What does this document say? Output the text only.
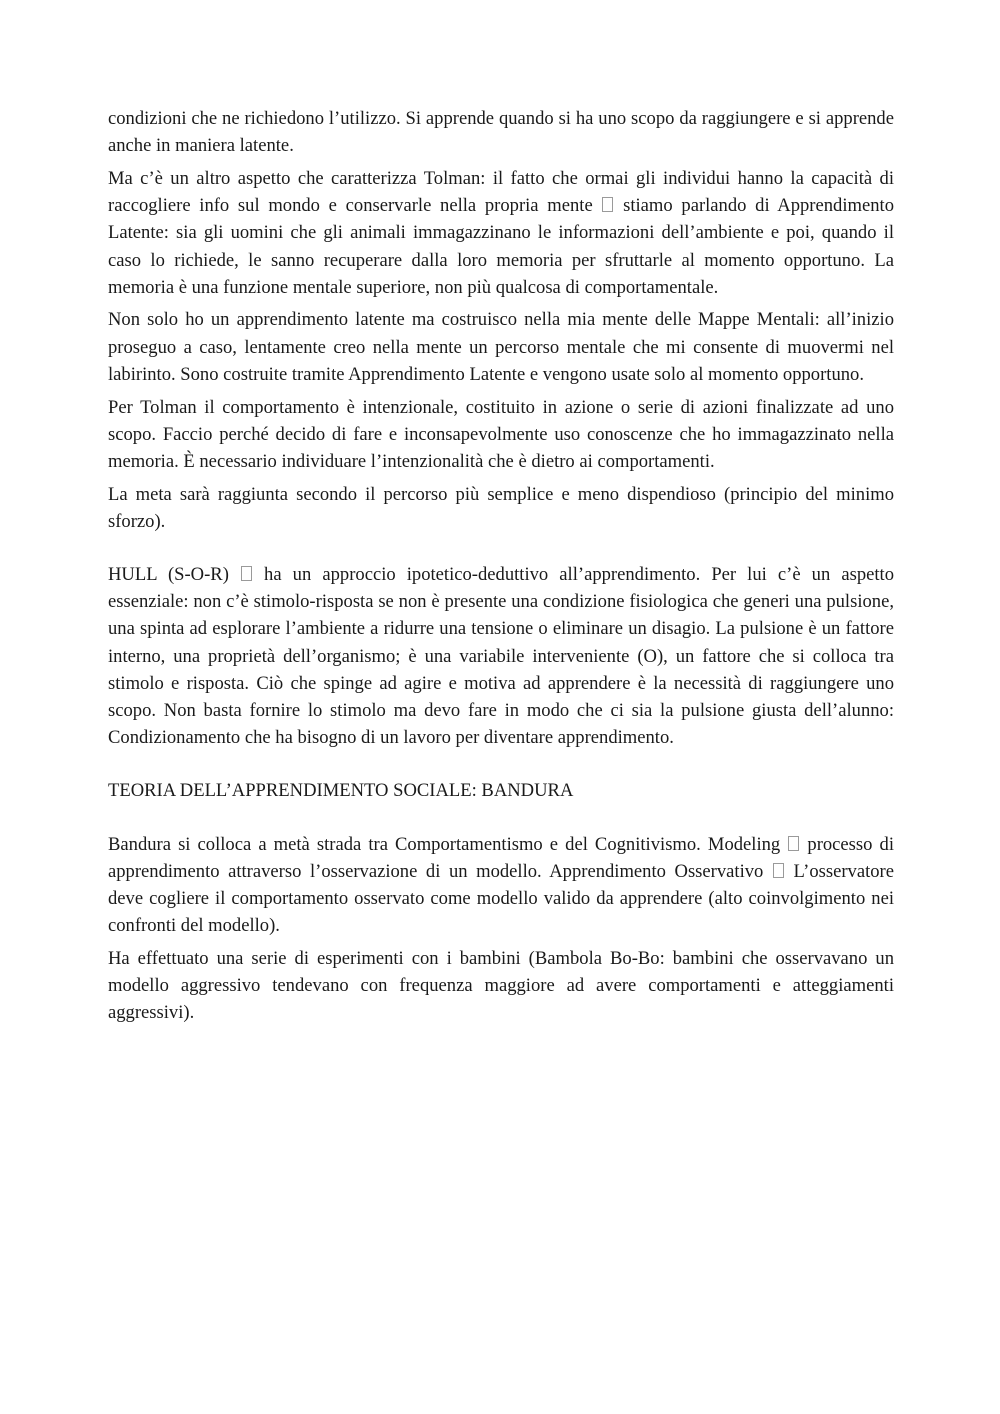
condizioni che ne richiedono l’utilizzo. Si apprende quando si ha uno scopo da raggiungere e si apprende anche in maniera latente.

Ma c’è un altro aspetto che caratterizza Tolman: il fatto che ormai gli individui hanno la capacità di raccogliere info sul mondo e conservarle nella propria mente  stiamo parlando di Apprendimento Latente: sia gli uomini che gli animali immagazzinano le informazioni dell’ambiente e poi, quando il caso lo richiede, le sanno recuperare dalla loro memoria per sfruttarle al momento opportuno. La memoria è una funzione mentale superiore, non più qualcosa di comportamentale.

Non solo ho un apprendimento latente ma costruisco nella mia mente delle Mappe Mentali: all’inizio proseguo a caso, lentamente creo nella mente un percorso mentale che mi consente di muovermi nel labirinto. Sono costruite tramite Apprendimento Latente e vengono usate solo al momento opportuno.

Per Tolman il comportamento è intenzionale, costituito in azione o serie di azioni finalizzate ad uno scopo. Faccio perché decido di fare e inconsapevolmente uso conoscenze che ho immagazzinato nella memoria. È necessario individuare l’intenzionalità che è dietro ai comportamenti.

La meta sarà raggiunta secondo il percorso più semplice e meno dispendioso (principio del minimo sforzo).

HULL (S-O-R)  ha un approccio ipotetico-deduttivo all’apprendimento. Per lui c’è un aspetto essenziale: non c’è stimolo-risposta se non è presente una condizione fisiologica che generi una pulsione, una spinta ad esplorare l’ambiente a ridurre una tensione o eliminare un disagio. La pulsione è un fattore interno, una proprietà dell’organismo; è una variabile interveniente (O), un fattore che si colloca tra stimolo e risposta. Ciò che spinge ad agire e motiva ad apprendere è la necessità di raggiungere uno scopo. Non basta fornire lo stimolo ma devo fare in modo che ci sia la pulsione giusta dell’alunno: Condizionamento che ha bisogno di un lavoro per diventare apprendimento.

TEORIA DELL’APPRENDIMENTO SOCIALE: BANDURA

Bandura si colloca a metà strada tra Comportamentismo e del Cognitivismo. Modeling  processo di apprendimento attraverso l’osservazione di un modello. Apprendimento Osservativo  L’osservatore deve cogliere il comportamento osservato come modello valido da apprendere (alto coinvolgimento nei confronti del modello).

Ha effettuato una serie di esperimenti con i bambini (Bambola Bo-Bo: bambini che osservavano un modello aggressivo tendevano con frequenza maggiore ad avere comportamenti e atteggiamenti aggressivi).
